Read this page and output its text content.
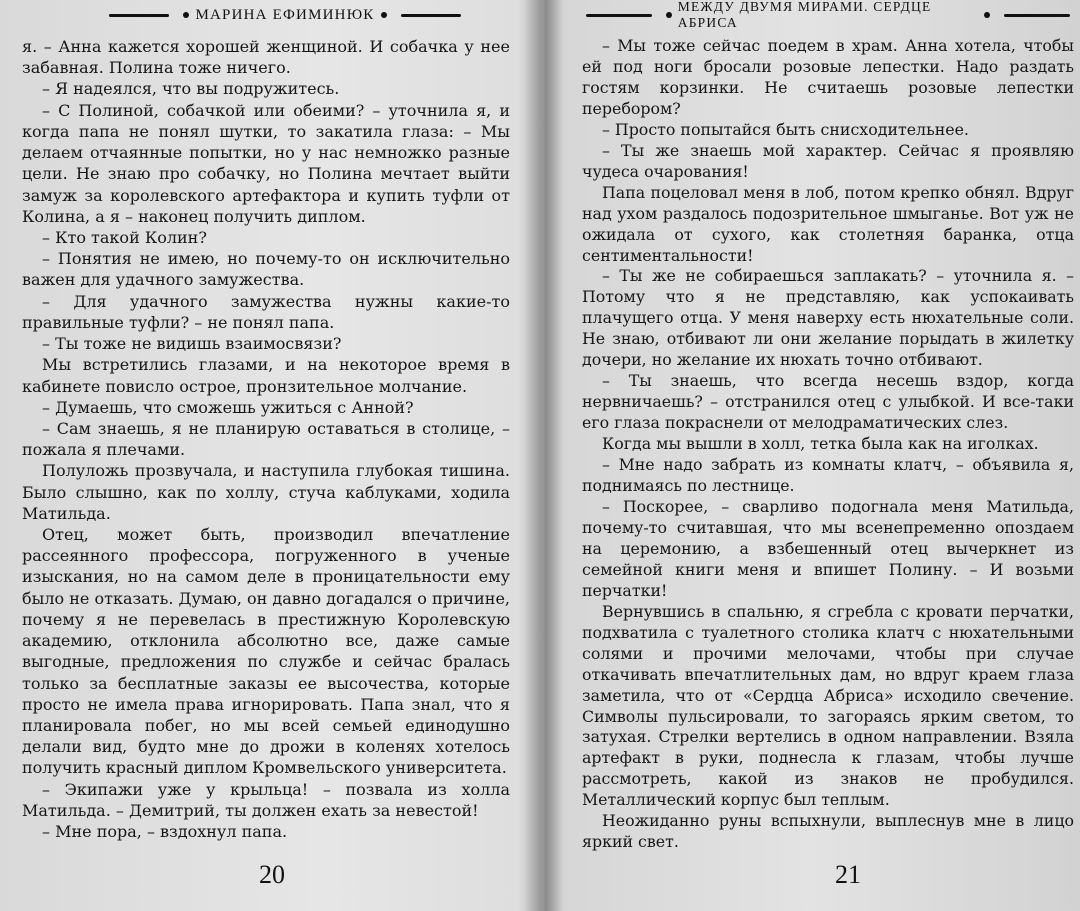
МАРИНА ЕФИМИНЮК

я. – Анна кажется хорошей женщиной. И собачка у нее забавная. Полина тоже ничего.

– Я надеялся, что вы подружитесь.

– С Полиной, собачкой или обеими? – уточнила я, и когда папа не понял шутки, то закатила глаза: – Мы делаем отчаянные попытки, но у нас немножко разные цели. Не знаю про собачку, но Полина мечтает выйти замуж за королевского артефактора и купить туфли от Колина, а я – наконец получить диплом.

– Кто такой Колин?

– Понятия не имею, но почему-то он исключительно важен для удачного замужества.

– Для удачного замужества нужны какие-то правильные туфли? – не понял папа.

– Ты тоже не видишь взаимосвязи?

Мы встретились глазами, и на некоторое время в кабинете повисло острое, пронзительное молчание.

– Думаешь, что сможешь ужиться с Анной?

– Сам знаешь, я не планирую оставаться в столице, – пожала я плечами.

Полуложь прозвучала, и наступила глубокая тишина. Было слышно, как по холлу, стуча каблуками, ходила Матильда.

Отец, может быть, производил впечатление рассеянного профессора, погруженного в ученые изыскания, но на самом деле в проницательности ему было не отказать. Думаю, он давно догадался о причине, почему я не перевелась в престижную Королевскую академию, отклонила абсолютно все, даже самые выгодные, предложения по службе и сейчас бралась только за бесплатные заказы ее высочества, которые просто не имела права игнорировать. Папа знал, что я планировала побег, но мы всей семьей единодушно делали вид, будто мне до дрожи в коленях хотелось получить красный диплом Кромвельского университета.

– Экипажи уже у крыльца! – позвала из холла Матильда. – Демитрий, ты должен ехать за невестой!

– Мне пора, – вздохнул папа.

20
МЕЖДУ ДВУМЯ МИРАМИ. СЕРДЦЕ АБРИСА

– Мы тоже сейчас поедем в храм. Анна хотела, чтобы ей под ноги бросали розовые лепестки. Надо раздать гостям корзинки. Не считаешь розовые лепестки перебором?

– Просто попытайся быть снисходительнее.

– Ты же знаешь мой характер. Сейчас я проявляю чудеса очарования!

Папа поцеловал меня в лоб, потом крепко обнял. Вдруг над ухом раздалось подозрительное шмыганье. Вот уж не ожидала от сухого, как столетняя баранка, отца сентиментальности!

– Ты же не собираешься заплакать? – уточнила я. – Потому что я не представляю, как успокаивать плачущего отца. У меня наверху есть нюхательные соли. Не знаю, отбивают ли они желание порыдать в жилетку дочери, но желание их нюхать точно отбивают.

– Ты знаешь, что всегда несешь вздор, когда нервничаешь? – отстранился отец с улыбкой. И все-таки его глаза покраснели от мелодраматических слез.

Когда мы вышли в холл, тетка была как на иголках.

– Мне надо забрать из комнаты клатч, – объявила я, поднимаясь по лестнице.

– Поскорее, – сварливо подогнала меня Матильда, почему-то считавшая, что мы всенепременно опоздаем на церемонию, а взбешенный отец вычеркнет из семейной книги меня и впишет Полину. – И возьми перчатки!

Вернувшись в спальню, я сгребла с кровати перчатки, подхватила с туалетного столика клатч с нюхательными солями и прочими мелочами, чтобы при случае откачивать впечатлительных дам, но вдруг краем глаза заметила, что от «Сердца Абриса» исходило свечение. Символы пульсировали, то загораясь ярким светом, то затухая. Стрелки вертелись в одном направлении. Взяла артефакт в руки, поднесла к глазам, чтобы лучше рассмотреть, какой из знаков не пробудился. Металлический корпус был теплым.

Неожиданно руны вспыхнули, выплеснув мне в лицо яркий свет.

21
